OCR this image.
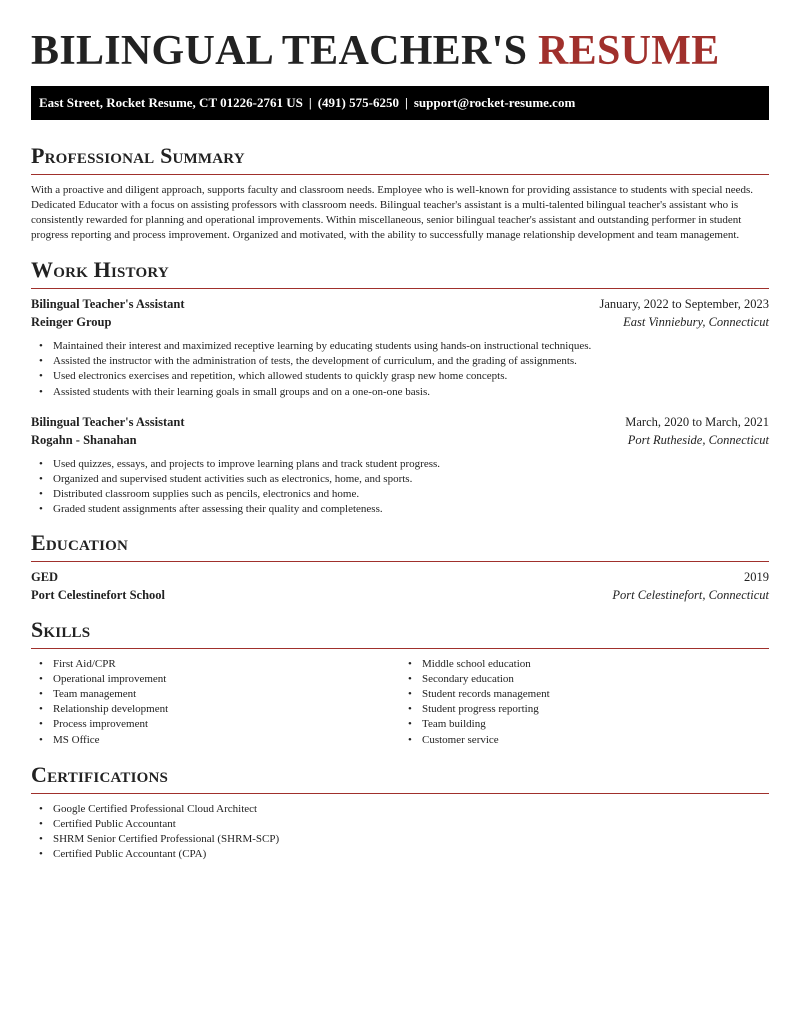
BILINGUAL TEACHER'S RESUME
East Street, Rocket Resume, CT 01226-2761 US | (491) 575-6250 | support@rocket-resume.com
Professional Summary

With a proactive and diligent approach, supports faculty and classroom needs. Employee who is well-known for providing assistance to students with special needs. Dedicated Educator with a focus on assisting professors with classroom needs. Bilingual teacher's assistant is a multi-talented bilingual teacher's assistant who is consistently rewarded for planning and operational improvements. Within miscellaneous, senior bilingual teacher's assistant and outstanding performer in student progress reporting and process improvement. Organized and motivated, with the ability to successfully manage relationship development and team management.

Work History
Bilingual Teacher's Assistant	January, 2022 to September, 2023
Reinger Group	East Vinniebury, Connecticut
• Maintained their interest and maximized receptive learning by educating students using hands-on instructional techniques.
• Assisted the instructor with the administration of tests, the development of curriculum, and the grading of assignments.
• Used electronics exercises and repetition, which allowed students to quickly grasp new home concepts.
• Assisted students with their learning goals in small groups and on a one-on-one basis.
Bilingual Teacher's Assistant	March, 2020 to March, 2021
Rogahn - Shanahan	Port Rutheside, Connecticut
• Used quizzes, essays, and projects to improve learning plans and track student progress.
• Organized and supervised student activities such as electronics, home, and sports.
• Distributed classroom supplies such as pencils, electronics and home.
• Graded student assignments after assessing their quality and completeness.
Education
GED	2019
Port Celestinefort School	Port Celestinefort, Connecticut
Skills
• First Aid/CPR
• Operational improvement
• Team management
• Relationship development
• Process improvement
• MS Office
• Middle school education
• Secondary education
• Student records management
• Student progress reporting
• Team building
• Customer service
Certifications
• Google Certified Professional Cloud Architect
• Certified Public Accountant
• SHRM Senior Certified Professional (SHRM-SCP)
• Certified Public Accountant (CPA)
